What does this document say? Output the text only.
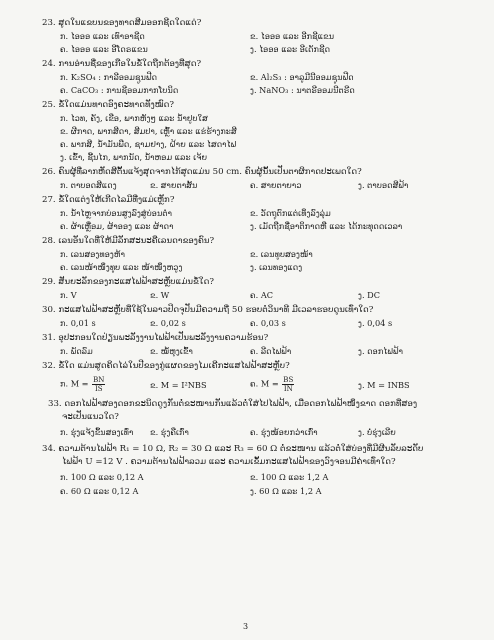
23. ສູດໃນແຂບນຂອງທາດສີມອອກຊີດໃດແດ່?
ກ. ໄອອອ ແລະ ເທົາອາຊີດ	ຂ. ໄອອອ ແລະ ອີກຊີແຂນ
ຄ. ໄອອອ ແລະ ອີໂດຣແຂນ	ງ. ໄອອອ ແລະ ອີເດັກຊີດ
24. ການອ່ານຊື່ຂອງເກືອໃນຂໍ້ໃດຖືກຕ້ອງທີ່ສຸດ?
ກ. K₂SO₄ : ກາລີອອມຊູນຟີດ	ຂ. Al₂S₃ : ອາລູມີນີອອມຊູນຟີດ
ຄ. CaCO₃ : ການຊີອອມກາກໂບນິດ	ງ. NaNO₃ : ນາຕຣີອອມນີຕຣີດ
25. ຂໍ້ໃດແມ່ນທາດອົງຄະທາດທັງໝົດ?
ກ. ໄວທ, ຄັງ, ເຂືອ, ພາກຫັງໆ ແລະ ນ້ຳຢູບໃສ
ຂ. ຜີກາດ, ພາກສີດາ, ສີມປາ, ເຫຼົ້າ ແລະ ແຮ່ຮ້າງກະສີ
ຄ. ພາກສີ, ນ້ຳມັນພືດ, ຊາມຢາງ, ຝ້າຍ ແລະ ໄສດາໄຟ
ງ. ເຂົ້າ, ຊີ້ນໄກ, ພາກນັດ, ນ້ຳຫອມ ແລະ ເຈ້ຍ
26. ຄົນຜູ້ທີ່ລາກຫັດສີຕັ້ນແຈ້ງສຸດຈາກໄກ້ສຸດແມ່ນ 50 cm. ຄົນຜູ້ນັ້ນເປັນຕາຜິກາດປະເພດໃດ?
ກ. ຕາບອດສີແດງ	ຂ. ສາຍຕາສັ້ນ	ຄ. ສາຍຕາຍາວ	ງ. ຕາບອດສີຟ້າ
27. ຂໍ້ໃດແຕ່ງໃຫ້ເກີດໄລມີທີ່ງແມ່ເຫຼັກ?
ກ. ນ້ຳໄຫຼຈາກບ່ອນສູງລົງສູ່ບ່ອນຕ່ຳ	ຂ. ວັດຖຸຕົກແຕ່ເທິ່ງລົງລຸ່ມ
ຄ. ຜ້າເຫຼື່ອມ, ຜ້າອອງ ແລະ ຜ້າດາ	ງ. ເມັດຖືກຊື່ອາຕິກາດຫື ແລະ ໄດ້ກະທຸດດເວລາ
28. ເລນອັນໃດທີ່ໃຫ້ມີລັກສະນະຄືເລນດາຂອງຄົນ?
ກ. ເລນສອງທອງຫ້າ	ຂ. ເລນທູບສອງໜ້າ
ຄ. ເລນໜ້າໜຶ່ງທູບ ແລະ ໜ້າໜຶ່ງຫວູງ	ງ. ເລນທອງແດງ
29. ສັນຍະລັກຂອງກະແສໄຟຟ້າສະຫຼັບແມ່ນຂໍ້ໃດ?
ກ. V	ຂ. W	ຄ. AC	ງ. DC
30. ກະແສໄຟຟ້າສະຫຼັບທີ່ໃຊ້ໃນລາວປິດຈຸປັນມີຄວາມຖີ່ 50 ຮອບຕໍ່ວິນາທີ ມີເວລາຮອບດູນເທົ່າໃດ?
ກ. 0,01 s	ຂ. 0,02 s	ຄ. 0,03 s	ງ. 0,04 s
31. ອຸປະກອນໃດປ່ຽນພະລັງງານໄຟຟ້າເປັນພະລັງງານຄວາມຮ້ອນ?
ກ. ພັດລົມ	ຂ. ໝໍ້ຫຸງເຂົ້າ	ຄ. ລີດໄຟຟ້າ	ງ. ດອກໄຟຟ້າ
32. ຂໍ້ໃດ ແມ່ນສູດຄິດໄລ່ໃນປີຂອງກູ່ແຜດຂອງໄມເຄີກະແສໄຟຟ້າສະຫຼັບ?
ກ. $M = \frac{BN}{IS}$	ຂ. M = I²NBS	ຄ. $M = \frac{BS}{IN}$	ງ. M = INBS
33. ດອກໄຟຟ້າສອງດອກຂະນິດດູງກັນຕໍ່ຂະໜານກັນແລ້ວຕໍ່ໃສ່ໄປໄຟຟ້າ, ເມື່ອດອກໄຟຟ້າໜຶ່ງຂາດ ດອກທີ່ສອງ
ຈະເປັນແນວໃດ?
ກ. ຮຸ່ງແຈ້ງຂຶ້ນສອງເທົ່າ ຂ. ຮຸ່ງຄືເກົ່າ	ຄ. ຮຸ່ງໜ້ອຍກວ່າເກົ່າ	ງ. ບໍ່ຮຸ່ງເລີຍ
34. ຄວາມຕ້ານໄຟຟ້າ R₁ = 10 Ω, R₂ = 30 Ω ແລະ R₃ = 60 Ω ຕໍ່ຂະໜານ ແລ້ວຕໍ່ໃສ່ບ່ອງທີ່ມີຜີນລັບລະດັບ
ໄຟຟ້າ U =12 V . ຄວາມຕ້ານໄຟຟ້າລວມ ແລະ ຄວາມເຂັ້ມກະແສໄຟຟ້າຂອງວົງຈອນມີຄ່າເທົ່າໃດ?
ກ. 100 Ω ແລະ 0,12 A	ຂ. 100 Ω ແລະ 1,2 A
ຄ. 60 Ω ແລະ 0,12 A	ງ. 60 Ω ແລະ 1,2 A
3
